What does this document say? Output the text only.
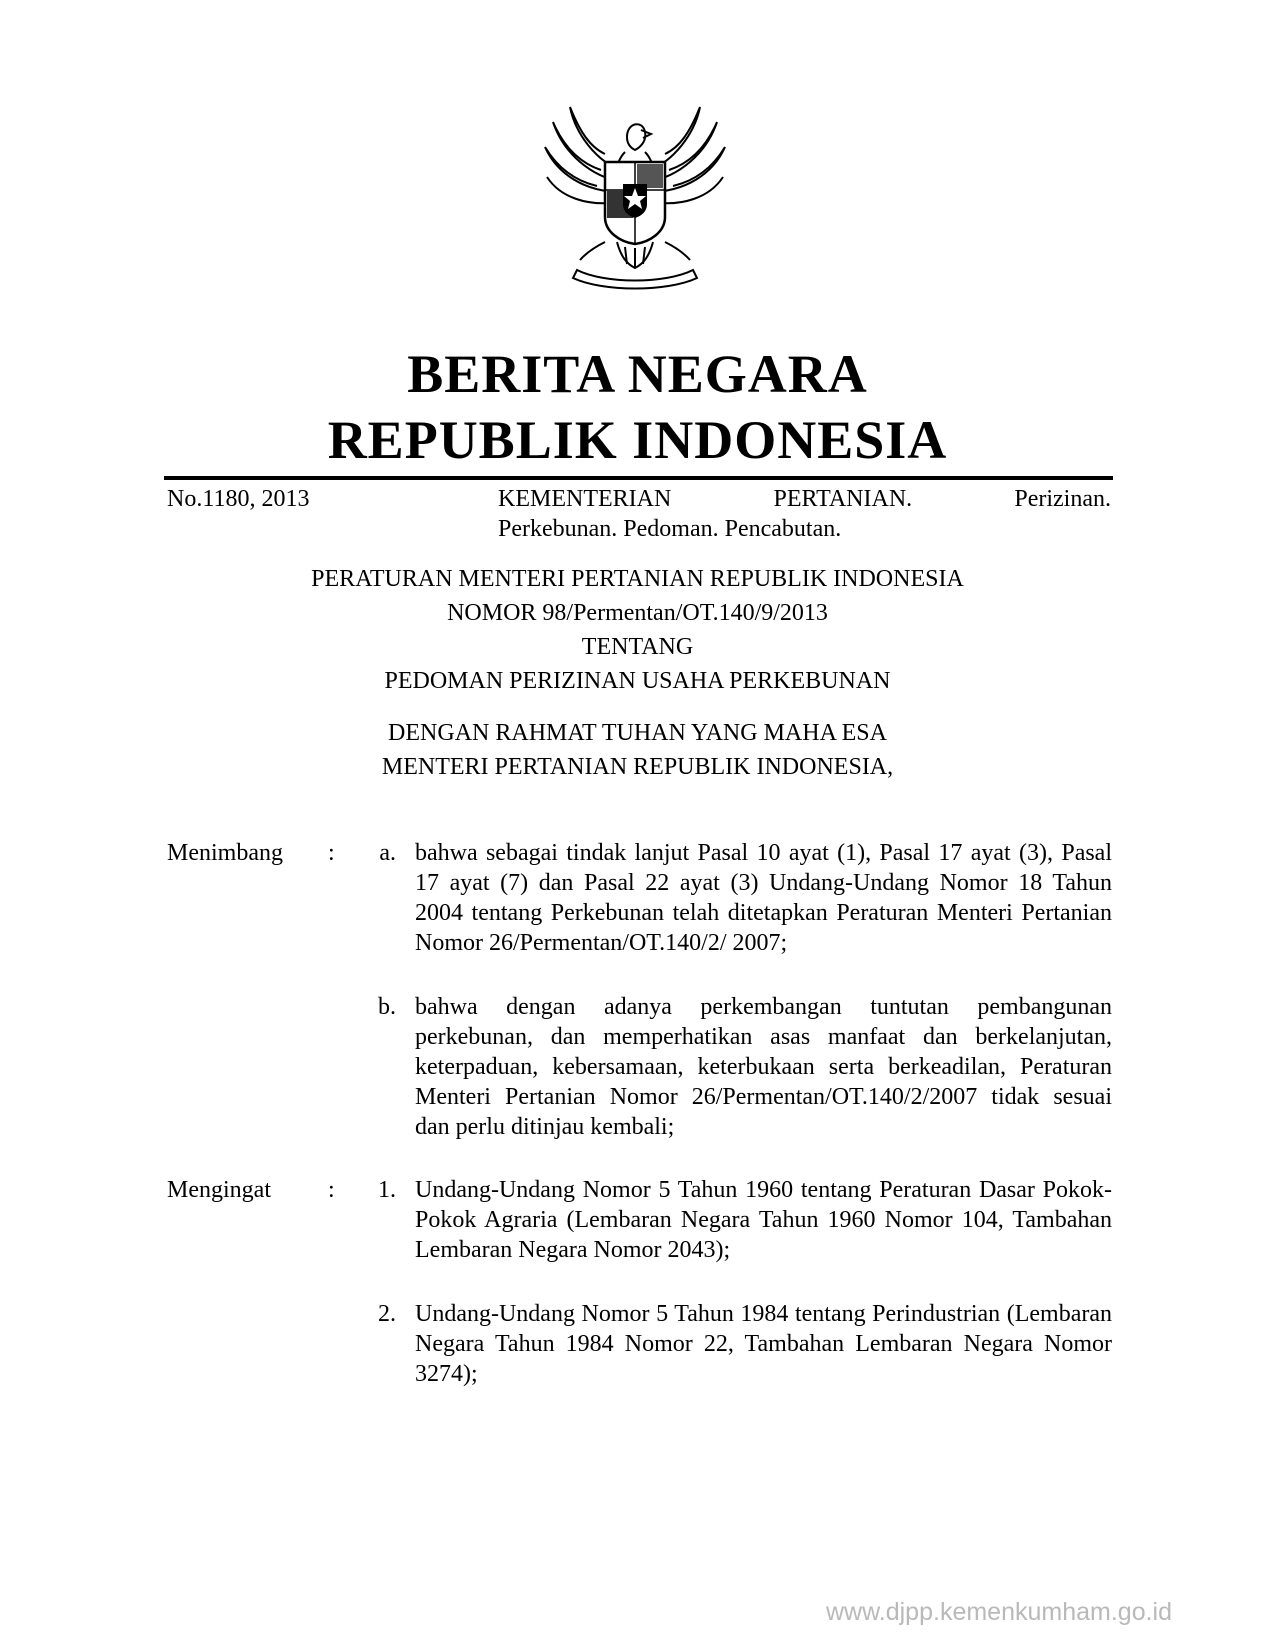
BERITA NEGARA
REPUBLIK INDONESIA
No.1180, 2013	KEMENTERIAN	PERTANIAN.	Perizinan.
Perkebunan. Pedoman. Pencabutan.
PERATURAN MENTERI PERTANIAN REPUBLIK INDONESIA
NOMOR 98/Permentan/OT.140/9/2013
TENTANG
PEDOMAN PERIZINAN USAHA PERKEBUNAN
DENGAN RAHMAT TUHAN YANG MAHA ESA
MENTERI PERTANIAN REPUBLIK INDONESIA,
Menimbang :	a. bahwa sebagai tindak lanjut Pasal 10 ayat (1), Pasal 17 ayat (3), Pasal 17 ayat (7) dan Pasal 22 ayat (3) Undang-Undang Nomor 18 Tahun 2004 tentang Perkebunan telah ditetapkan Peraturan Menteri Pertanian Nomor 26/Permentan/OT.140/2/ 2007;
b. bahwa dengan adanya perkembangan tuntutan pembangunan perkebunan, dan memperhatikan asas manfaat dan berkelanjutan, keterpaduan, kebersamaan, keterbukaan serta berkeadilan, Peraturan Menteri Pertanian Nomor 26/Permentan/OT.140/2/2007 tidak sesuai dan perlu ditinjau kembali;
Mengingat :	1. Undang-Undang Nomor 5 Tahun 1960 tentang Peraturan Dasar Pokok-Pokok Agraria (Lembaran Negara Tahun 1960 Nomor 104, Tambahan Lembaran Negara Nomor 2043);
2. Undang-Undang Nomor 5 Tahun 1984 tentang Perindustrian (Lembaran Negara Tahun 1984 Nomor 22, Tambahan Lembaran Negara Nomor 3274);
www.djpp.kemenkumham.go.id
